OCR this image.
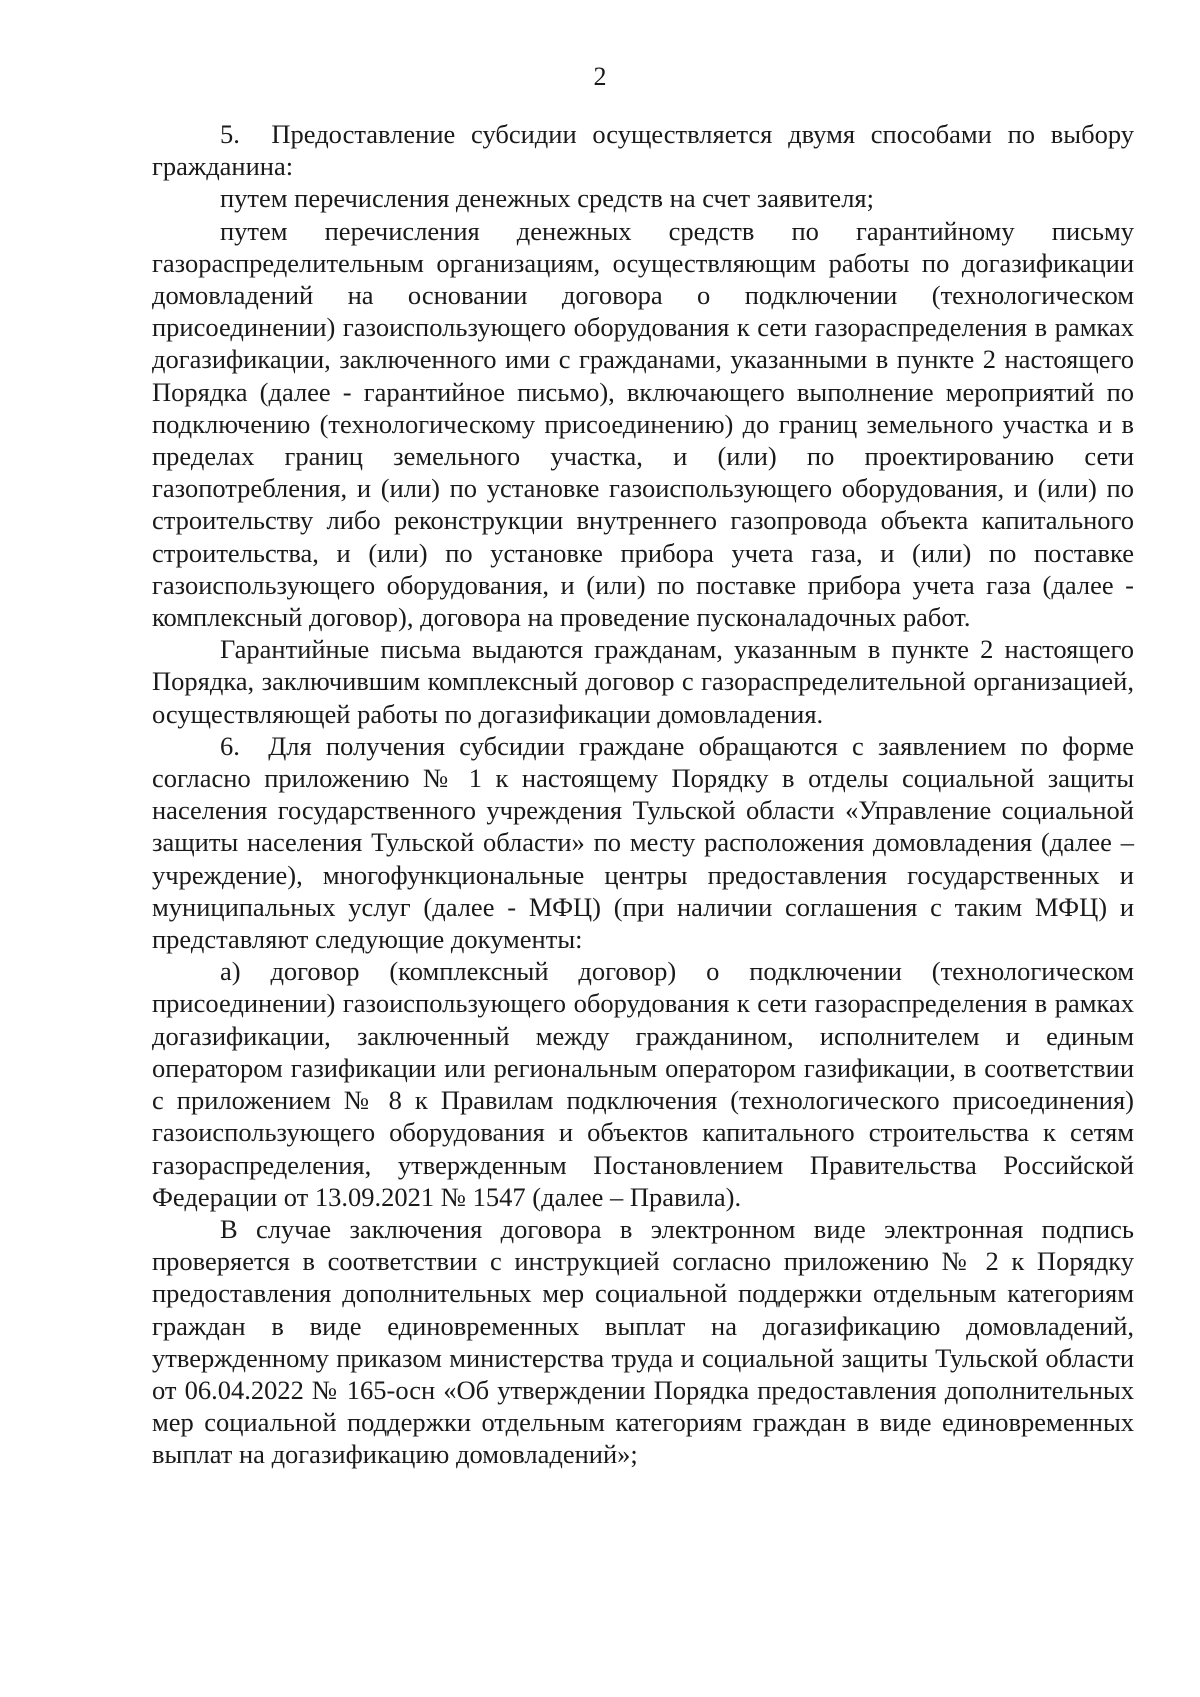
2

5.  Предоставление субсидии осуществляется двумя способами по выбору гражданина:

путем перечисления денежных средств на счет заявителя;

путем перечисления денежных средств по гарантийному письму газораспределительным организациям, осуществляющим работы по догазификации домовладений на основании договора о подключении (технологическом присоединении) газоиспользующего оборудования к сети газораспределения в рамках догазификации, заключенного ими с гражданами, указанными в пункте 2 настоящего Порядка (далее - гарантийное письмо), включающего выполнение мероприятий по подключению (технологическому присоединению) до границ земельного участка и в пределах границ земельного участка, и (или) по проектированию сети газопотребления, и (или) по установке газоиспользующего оборудования, и (или) по строительству либо реконструкции внутреннего газопровода объекта капитального строительства, и (или) по установке прибора учета газа, и (или) по поставке газоиспользующего оборудования, и (или) по поставке прибора учета газа (далее - комплексный договор), договора на проведение пусконаладочных работ.

Гарантийные письма выдаются гражданам, указанным в пункте 2 настоящего Порядка, заключившим комплексный договор с газораспределительной организацией, осуществляющей работы по догазификации домовладения.

6.  Для получения субсидии граждане обращаются с заявлением по форме согласно приложению № 1 к настоящему Порядку в отделы социальной защиты населения государственного учреждения Тульской области «Управление социальной защиты населения Тульской области» по месту расположения домовладения (далее – учреждение), многофункциональные центры предоставления государственных и муниципальных услуг (далее - МФЦ) (при наличии соглашения с таким МФЦ) и представляют следующие документы:

а) договор (комплексный договор) о подключении (технологическом присоединении) газоиспользующего оборудования к сети газораспределения в рамках догазификации, заключенный между гражданином, исполнителем и единым оператором газификации или региональным оператором газификации, в соответствии с приложением № 8 к Правилам подключения (технологического присоединения) газоиспользующего оборудования и объектов капитального строительства к сетям газораспределения, утвержденным Постановлением Правительства Российской Федерации от 13.09.2021 № 1547 (далее – Правила).

В случае заключения договора в электронном виде электронная подпись проверяется в соответствии с инструкцией согласно приложению № 2 к Порядку предоставления дополнительных мер социальной поддержки отдельным категориям граждан в виде единовременных выплат на догазификацию домовладений, утвержденному приказом министерства труда и социальной защиты Тульской области от 06.04.2022 № 165-осн «Об утверждении Порядка предоставления дополнительных мер социальной поддержки отдельным категориям граждан в виде единовременных выплат на догазификацию домовладений»;
